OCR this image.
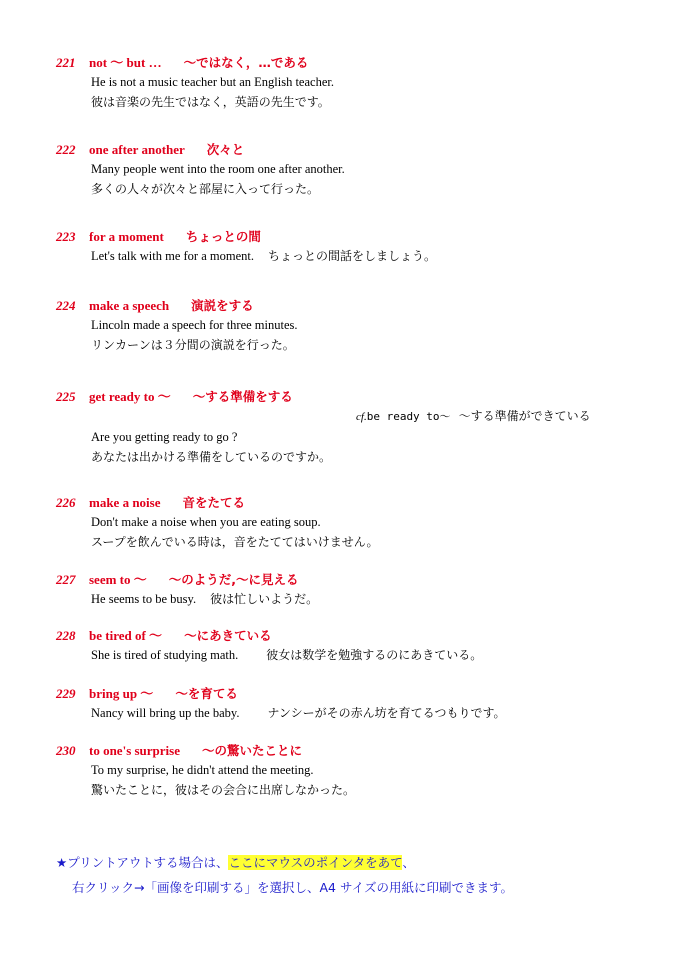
221 not 〜 but … 〜ではなく，…である
He is not a music teacher but an English teacher.
彼は音楽の先生ではなく，英語の先生です。
222 one after another 次々と
Many people went into the room one after another.
多くの人々が次々と部屋に入って行った。
223 for a moment ちょっとの間
Let's talk with me for a moment. ちょっとの間話をしましょう。
224 make a speech 演説をする
Lincoln made a speech for three minutes.
リンカーンは３分間の演説を行った。
225 get ready to 〜 〜する準備をする
cf.be ready to〜 〜する準備ができている
Are you getting ready to go ?
あなたは出かける準備をしているのですか。
226 make a noise 音をたてる
Don't make a noise when you are eating soup.
スープを飲んでいる時は，音をたててはいけません。
227 seem to 〜 〜のようだ,〜に見える
He seems to be busy. 彼は忙しいようだ。
228 be tired of 〜 〜にあきている
She is tired of studying math. 彼女は数学を勉強するのにあきている。
229 bring up 〜 〜を育てる
Nancy will bring up the baby. ナンシーがその赤ん坊を育てるつもりです。
230 to one's surprise 〜の驚いたことに
To my surprise, he didn't attend the meeting.
驚いたことに，彼はその会合に出席しなかった。
★プリントアウトする場合は、ここにマウスのポインタをあて、
右クリック→「画像を印刷する」を選択し、A4 サイズの用紙に印刷できます。
